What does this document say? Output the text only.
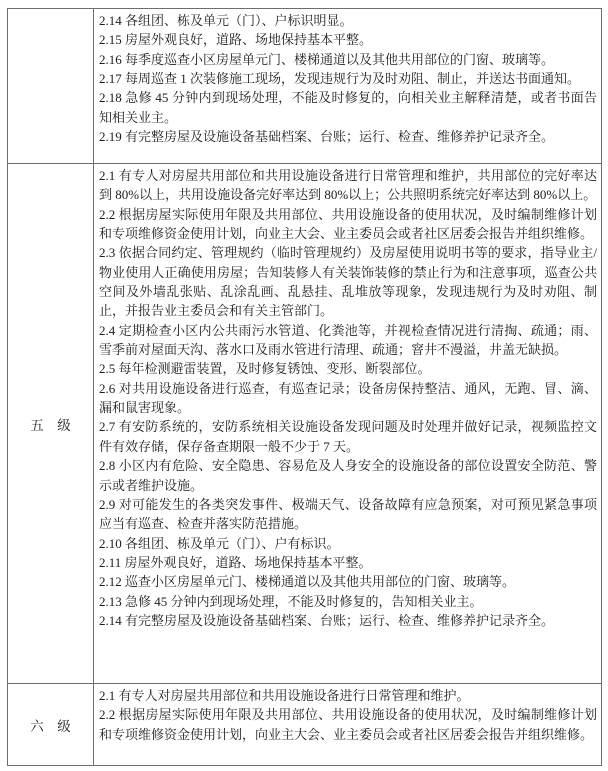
2.14 各组团、栋及单元（门）、户标识明显。

2.15 房屋外观良好，道路、场地保持基本平整。

2.16 每季度巡查小区房屋单元门、楼梯通道以及其他共用部位的门窗、玻璃等。

2.17 每周巡查 1 次装修施工现场，发现违规行为及时劝阻、制止，并送达书面通知。

2.18 急修 45 分钟内到现场处理，不能及时修复的，向相关业主解释清楚，或者书面告知相关业主。

2.19 有完整房屋及设施设备基础档案、台账；运行、检查、维修养护记录齐全。

五　级

2.1 有专人对房屋共用部位和共用设施设备进行日常管理和维护，共用部位的完好率达到 80%以上，共用设施设备完好率达到 80%以上；公共照明系统完好率达到 80%以上。

2.2 根据房屋实际使用年限及共用部位、共用设施设备的使用状况，及时编制维修计划和专项维修资金使用计划，向业主大会、业主委员会或者社区居委会报告并组织维修。

2.3 依据合同约定、管理规约（临时管理规约）及房屋使用说明书等的要求，指导业主/物业使用人正确使用房屋；告知装修人有关装饰装修的禁止行为和注意事项，巡查公共空间及外墙乱张贴、乱涂乱画、乱悬挂、乱堆放等现象，发现违规行为及时劝阻、制止，并报告业主委员会和有关主管部门。

2.4 定期检查小区内公共雨污水管道、化粪池等，并视检查情况进行清掏、疏通；雨、雪季前对屋面天沟、落水口及雨水管进行清理、疏通；窨井不漫溢，井盖无缺损。

2.5 每年检测避雷装置，及时修复锈蚀、变形、断裂部位。

2.6 对共用设施设备进行巡查，有巡查记录；设备房保持整洁、通风，无跑、冒、滴、漏和鼠害现象。

2.7 有安防系统的，安防系统相关设施设备发现问题及时处理并做好记录，视频监控文件有效存储，保存备查期限一般不少于 7 天。

2.8 小区内有危险、安全隐患、容易危及人身安全的设施设备的部位设置安全防范、警示或者维护设施。

2.9 对可能发生的各类突发事件、极端天气、设备故障有应急预案，对可预见紧急事项应当有巡查、检查并落实防范措施。

2.10 各组团、栋及单元（门）、户有标识。

2.11 房屋外观良好，道路、场地保持基本平整。

2.12 巡查小区房屋单元门、楼梯通道以及其他共用部位的门窗、玻璃等。

2.13 急修 45 分钟内到现场处理，不能及时修复的，告知相关业主。

2.14 有完整房屋及设施设备基础档案、台账；运行、检查、维修养护记录齐全。

六　级

2.1 有专人对房屋共用部位和共用设施设备进行日常管理和维护。

2.2 根据房屋实际使用年限及共用部位、共用设施设备的使用状况，及时编制维修计划和专项维修资金使用计划，向业主大会、业主委员会或者社区居委会报告并组织维修。
